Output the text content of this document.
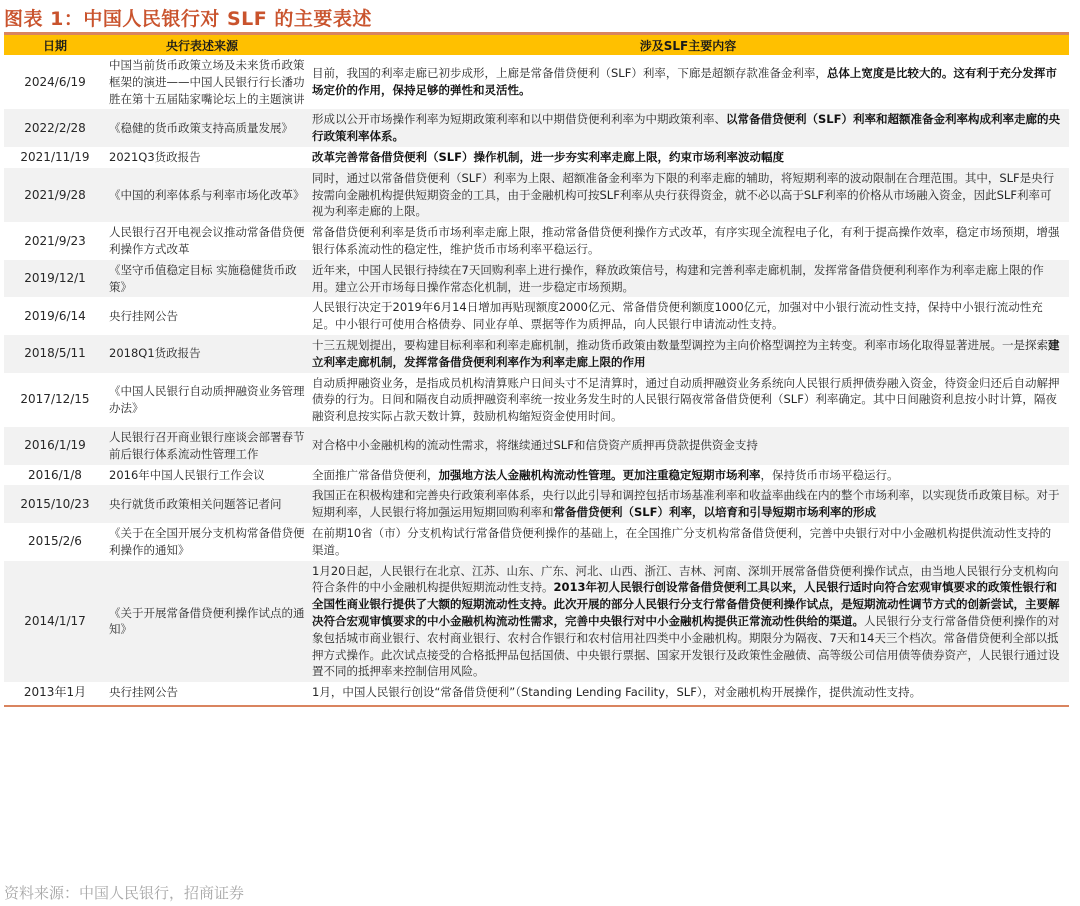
图表 1：中国人民银行对 SLF 的主要表述
日期	央行表述来源	涉及SLF主要内容
2024/6/19	中国当前货币政策立场及未来货币政策框架的演进——中国人民银行行长潘功胜在第十五届陆家嘴论坛上的主题演讲	目前，我国的利率走廊已初步成形，上廊是常备借贷便利（SLF）利率，下廊是超额存款准备金利率，总体上宽度是比较大的。这有利于充分发挥市场定价的作用，保持足够的弹性和灵活性。
2022/2/28	《稳健的货币政策支持高质量发展》	形成以公开市场操作利率为短期政策利率和以中期借贷便利利率为中期政策利率、以常备借贷便利（SLF）利率和超额准备金利率构成利率走廊的央行政策利率体系。
2021/11/19	2021Q3货政报告	改革完善常备借贷便利（SLF）操作机制，进一步夯实利率走廊上限，约束市场利率波动幅度
2021/9/28	《中国的利率体系与利率市场化改革》	同时，通过以常备借贷便利（SLF）利率为上限、超额准备金利率为下限的利率走廊的辅助，将短期利率的波动限制在合理范围。其中，SLF是央行按需向金融机构提供短期资金的工具，由于金融机构可按SLF利率从央行获得资金，就不必以高于SLF利率的价格从市场融入资金，因此SLF利率可视为利率走廊的上限。
2021/9/23	人民银行召开电视会议推动常备借贷便利操作方式改革	常备借贷便利利率是货币市场利率走廊上限，推动常备借贷便利操作方式改革，有序实现全流程电子化，有利于提高操作效率，稳定市场预期，增强银行体系流动性的稳定性，维护货币市场利率平稳运行。
2019/12/1	《坚守币值稳定目标 实施稳健货币政策》	近年来，中国人民银行持续在7天回购利率上进行操作，释放政策信号，构建和完善利率走廊机制，发挥常备借贷便利利率作为利率走廊上限的作用。建立公开市场每日操作常态化机制，进一步稳定市场预期。
2019/6/14	央行挂网公告	人民银行决定于2019年6月14日增加再贴现额度2000亿元、常备借贷便利额度1000亿元，加强对中小银行流动性支持，保持中小银行流动性充足。中小银行可使用合格债券、同业存单、票据等作为质押品，向人民银行申请流动性支持。
2018/5/11	2018Q1货政报告	十三五规划提出，要构建目标利率和利率走廊机制，推动货币政策由数量型调控为主向价格型调控为主转变。利率市场化取得显著进展。一是探索建立利率走廊机制，发挥常备借贷便利利率作为利率走廊上限的作用
2017/12/15	《中国人民银行自动质押融资业务管理办法》	自动质押融资业务，是指成员机构清算账户日间头寸不足清算时，通过自动质押融资业务系统向人民银行质押债券融入资金，待资金归还后自动解押债券的行为。日间和隔夜自动质押融资利率统一按业务发生时的人民银行隔夜常备借贷便利（SLF）利率确定。其中日间融资利息按小时计算，隔夜融资利息按实际占款天数计算，鼓励机构缩短资金使用时间。
2016/1/19	人民银行召开商业银行座谈会部署春节前后银行体系流动性管理工作	对合格中小金融机构的流动性需求，将继续通过SLF和信贷资产质押再贷款提供资金支持
2016/1/8	2016年中国人民银行工作会议	全面推广常备借贷便利，加强地方法人金融机构流动性管理。更加注重稳定短期市场利率，保持货币市场平稳运行。
2015/10/23	央行就货币政策相关问题答记者问	我国正在积极构建和完善央行政策利率体系，央行以此引导和调控包括市场基准利率和收益率曲线在内的整个市场利率，以实现货币政策目标。对于短期利率，人民银行将加强运用短期回购利率和常备借贷便利（SLF）利率，以培育和引导短期市场利率的形成
2015/2/6	《关于在全国开展分支机构常备借贷便利操作的通知》	在前期10省（市）分支机构试行常备借贷便利操作的基础上，在全国推广分支机构常备借贷便利，完善中央银行对中小金融机构提供流动性支持的渠道。
2014/1/17	《关于开展常备借贷便利操作试点的通知》	1月20日起，人民银行在北京、江苏、山东、广东、河北、山西、浙江、吉林、河南、深圳开展常备借贷便利操作试点，由当地人民银行分支机构向符合条件的中小金融机构提供短期流动性支持。2013年初人民银行创设常备借贷便利工具以来，人民银行适时向符合宏观审慎要求的政策性银行和全国性商业银行提供了大额的短期流动性支持。此次开展的部分人民银行分支行常备借贷便利操作试点，是短期流动性调节方式的创新尝试，主要解决符合宏观审慎要求的中小金融机构流动性需求，完善中央银行对中小金融机构提供正常流动性供给的渠道。人民银行分支行常备借贷便利操作的对象包括城市商业银行、农村商业银行、农村合作银行和农村信用社四类中小金融机构。期限分为隔夜、7天和14天三个档次。常备借贷便利全部以抵押方式操作。此次试点接受的合格抵押品包括国债、中央银行票据、国家开发银行及政策性金融债、高等级公司信用债等债券资产，人民银行通过设置不同的抵押率来控制信用风险。
2013年1月	央行挂网公告	1月，中国人民银行创设“常备借贷便利”（Standing Lending Facility，SLF），对金融机构开展操作，提供流动性支持。
资料来源：中国人民银行，招商证券
